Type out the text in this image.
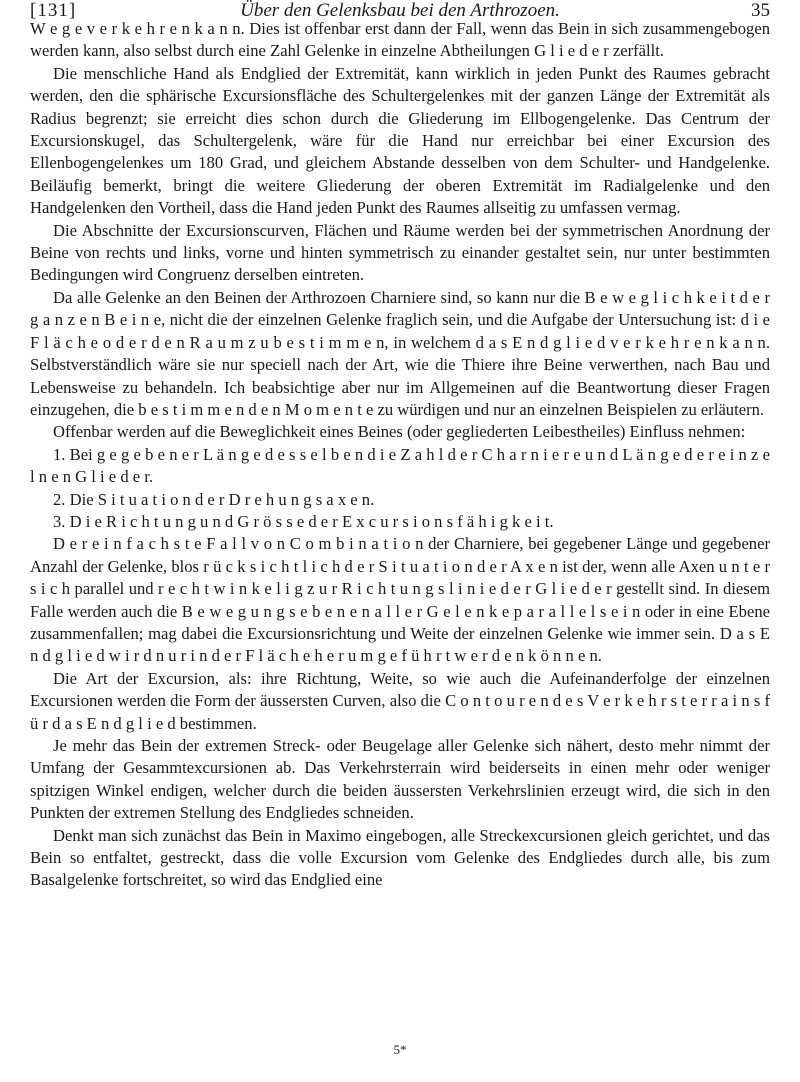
[131]	Über den Gelenksbau bei den Arthrozoen.	35

W e g e v e r k e h r e n k a n n. Dies ist offenbar erst dann der Fall, wenn das Bein in sich zusammengebogen werden kann, also selbst durch eine Zahl Gelenke in einzelne Abtheilungen G l i e d e r zerfällt.

Die menschliche Hand als Endglied der Extremität, kann wirklich in jeden Punkt des Raumes gebracht werden, den die sphärische Excursionsfläche des Schultergelenkes mit der ganzen Länge der Extremität als Radius begrenzt; sie erreicht dies schon durch die Gliederung im Ellbogengelenke. Das Centrum der Excursionskugel, das Schultergelenk, wäre für die Hand nur erreichbar bei einer Excursion des Ellenbogengelenkes um 180 Grad, und gleichem Abstande desselben von dem Schulter- und Handgelenke. Beiläufig bemerkt, bringt die weitere Gliederung der oberen Extremität im Radialgelenke und den Handgelenken den Vortheil, dass die Hand jeden Punkt des Raumes allseitig zu umfassen vermag.

Die Abschnitte der Excursionscurven, Flächen und Räume werden bei der symmetrischen Anordnung der Beine von rechts und links, vorne und hinten symmetrisch zu einander gestaltet sein, nur unter bestimmten Bedingungen wird Congruenz derselben eintreten.

Da alle Gelenke an den Beinen der Arthrozoen Charniere sind, so kann nur die B e w e g l i c h k e i t d e r g a n z e n B e i n e, nicht die der einzelnen Gelenke fraglich sein, und die Aufgabe der Untersuchung ist: d i e F l ä c h e o d e r d e n R a u m z u b e s t i m m e n, in welchem d a s E n d g l i e d v e r k e h r e n k a n n. Selbstverständlich wäre sie nur speciell nach der Art, wie die Thiere ihre Beine verwerthen, nach Bau und Lebensweise zu behandeln. Ich beabsichtige aber nur im Allgemeinen auf die Beantwortung dieser Fragen einzugehen, die b e s t i m m e n d e n M o m e n t e zu würdigen und nur an einzelnen Beispielen zu erläutern.

Offenbar werden auf die Beweglichkeit eines Beines (oder gegliederten Leibestheiles) Einfluss nehmen:

1. Bei g e g e b e n e r L ä n g e d e s s e l b e n d i e Z a h l d e r C h a r n i e r e u n d L ä n g e d e r e i n z e l n e n G l i e d e r.

2. Die S i t u a t i o n d e r D r e h u n g s a x e n.

3. D i e R i c h t u n g u n d G r ö s s e d e r E x c u r s i o n s f ä h i g k e i t.

D e r e i n f a c h s t e F a l l v o n C o m b i n a t i o n der Charniere, bei gegebener Länge und gegebener Anzahl der Gelenke, blos r ü c k s i c h t l i c h d e r S i t u a t i o n d e r A x e n ist der, wenn alle Axen u n t e r s i c h parallel und r e c h t w i n k e l i g z u r R i c h t u n g s l i n i e d e r G l i e d e r gestellt sind. In diesem Falle werden auch die B e w e g u n g s e b e n e n a l l e r G e l e n k e p a r a l l e l s e i n oder in eine Ebene zusammenfallen; mag dabei die Excursionsrichtung und Weite der einzelnen Gelenke wie immer sein. D a s E n d g l i e d w i r d n u r i n d e r F l ä c h e h e r u m g e f ü h r t w e r d e n k ö n n e n.

Die Art der Excursion, als: ihre Richtung, Weite, so wie auch die Aufeinanderfolge der einzelnen Excursionen werden die Form der äussersten Curven, also die C o n t o u r e n d e s V e r k e h r s t e r r a i n s f ü r d a s E n d g l i e d bestimmen.

Je mehr das Bein der extremen Streck- oder Beugelage aller Gelenke sich nähert, desto mehr nimmt der Umfang der Gesammtexcursionen ab. Das Verkehrsterrain wird beiderseits in einen mehr oder weniger spitzigen Winkel endigen, welcher durch die beiden äussersten Verkehrslinien erzeugt wird, die sich in den Punkten der extremen Stellung des Endgliedes schneiden.

Denkt man sich zunächst das Bein in Maximo eingebogen, alle Streckexcursionen gleich gerichtet, und das Bein so entfaltet, gestreckt, dass die volle Excursion vom Gelenke des Endgliedes durch alle, bis zum Basalgelenke fortschreitet, so wird das Endglied eine

5*
